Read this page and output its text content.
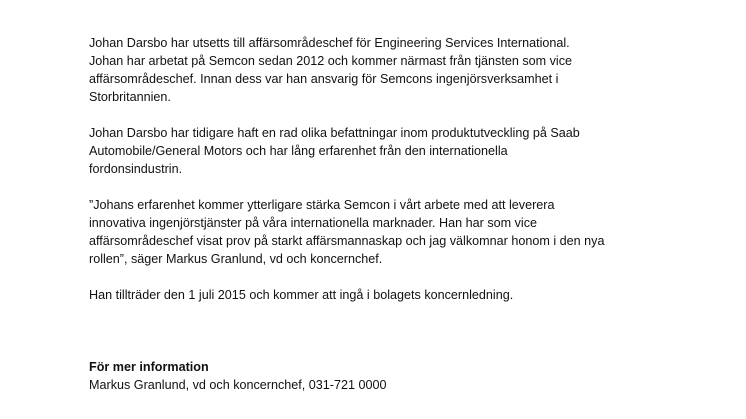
Johan Darsbo har utsetts till affärsområdeschef för Engineering Services International.
Johan har arbetat på Semcon sedan 2012 och kommer närmast från tjänsten som vice
affärsområdeschef. Innan dess var han ansvarig för Semcons ingenjörsverksamhet i
Storbritannien.

Johan Darsbo har tidigare haft en rad olika befattningar inom produktutveckling på Saab
Automobile/General Motors och har lång erfarenhet från den internationella
fordonsindustrin.

”Johans erfarenhet kommer ytterligare stärka Semcon i vårt arbete med att leverera
innovativa ingenjörstjänster på våra internationella marknader. Han har som vice
affärsområdeschef visat prov på starkt affärsmannaskap och jag välkomnar honom i den nya
rollen”, säger Markus Granlund, vd och koncernchef.

Han tillträder den 1 juli 2015 och kommer att ingå i bolagets koncernledning.

För mer information
Markus Granlund, vd och koncernchef, 031-721 0000
